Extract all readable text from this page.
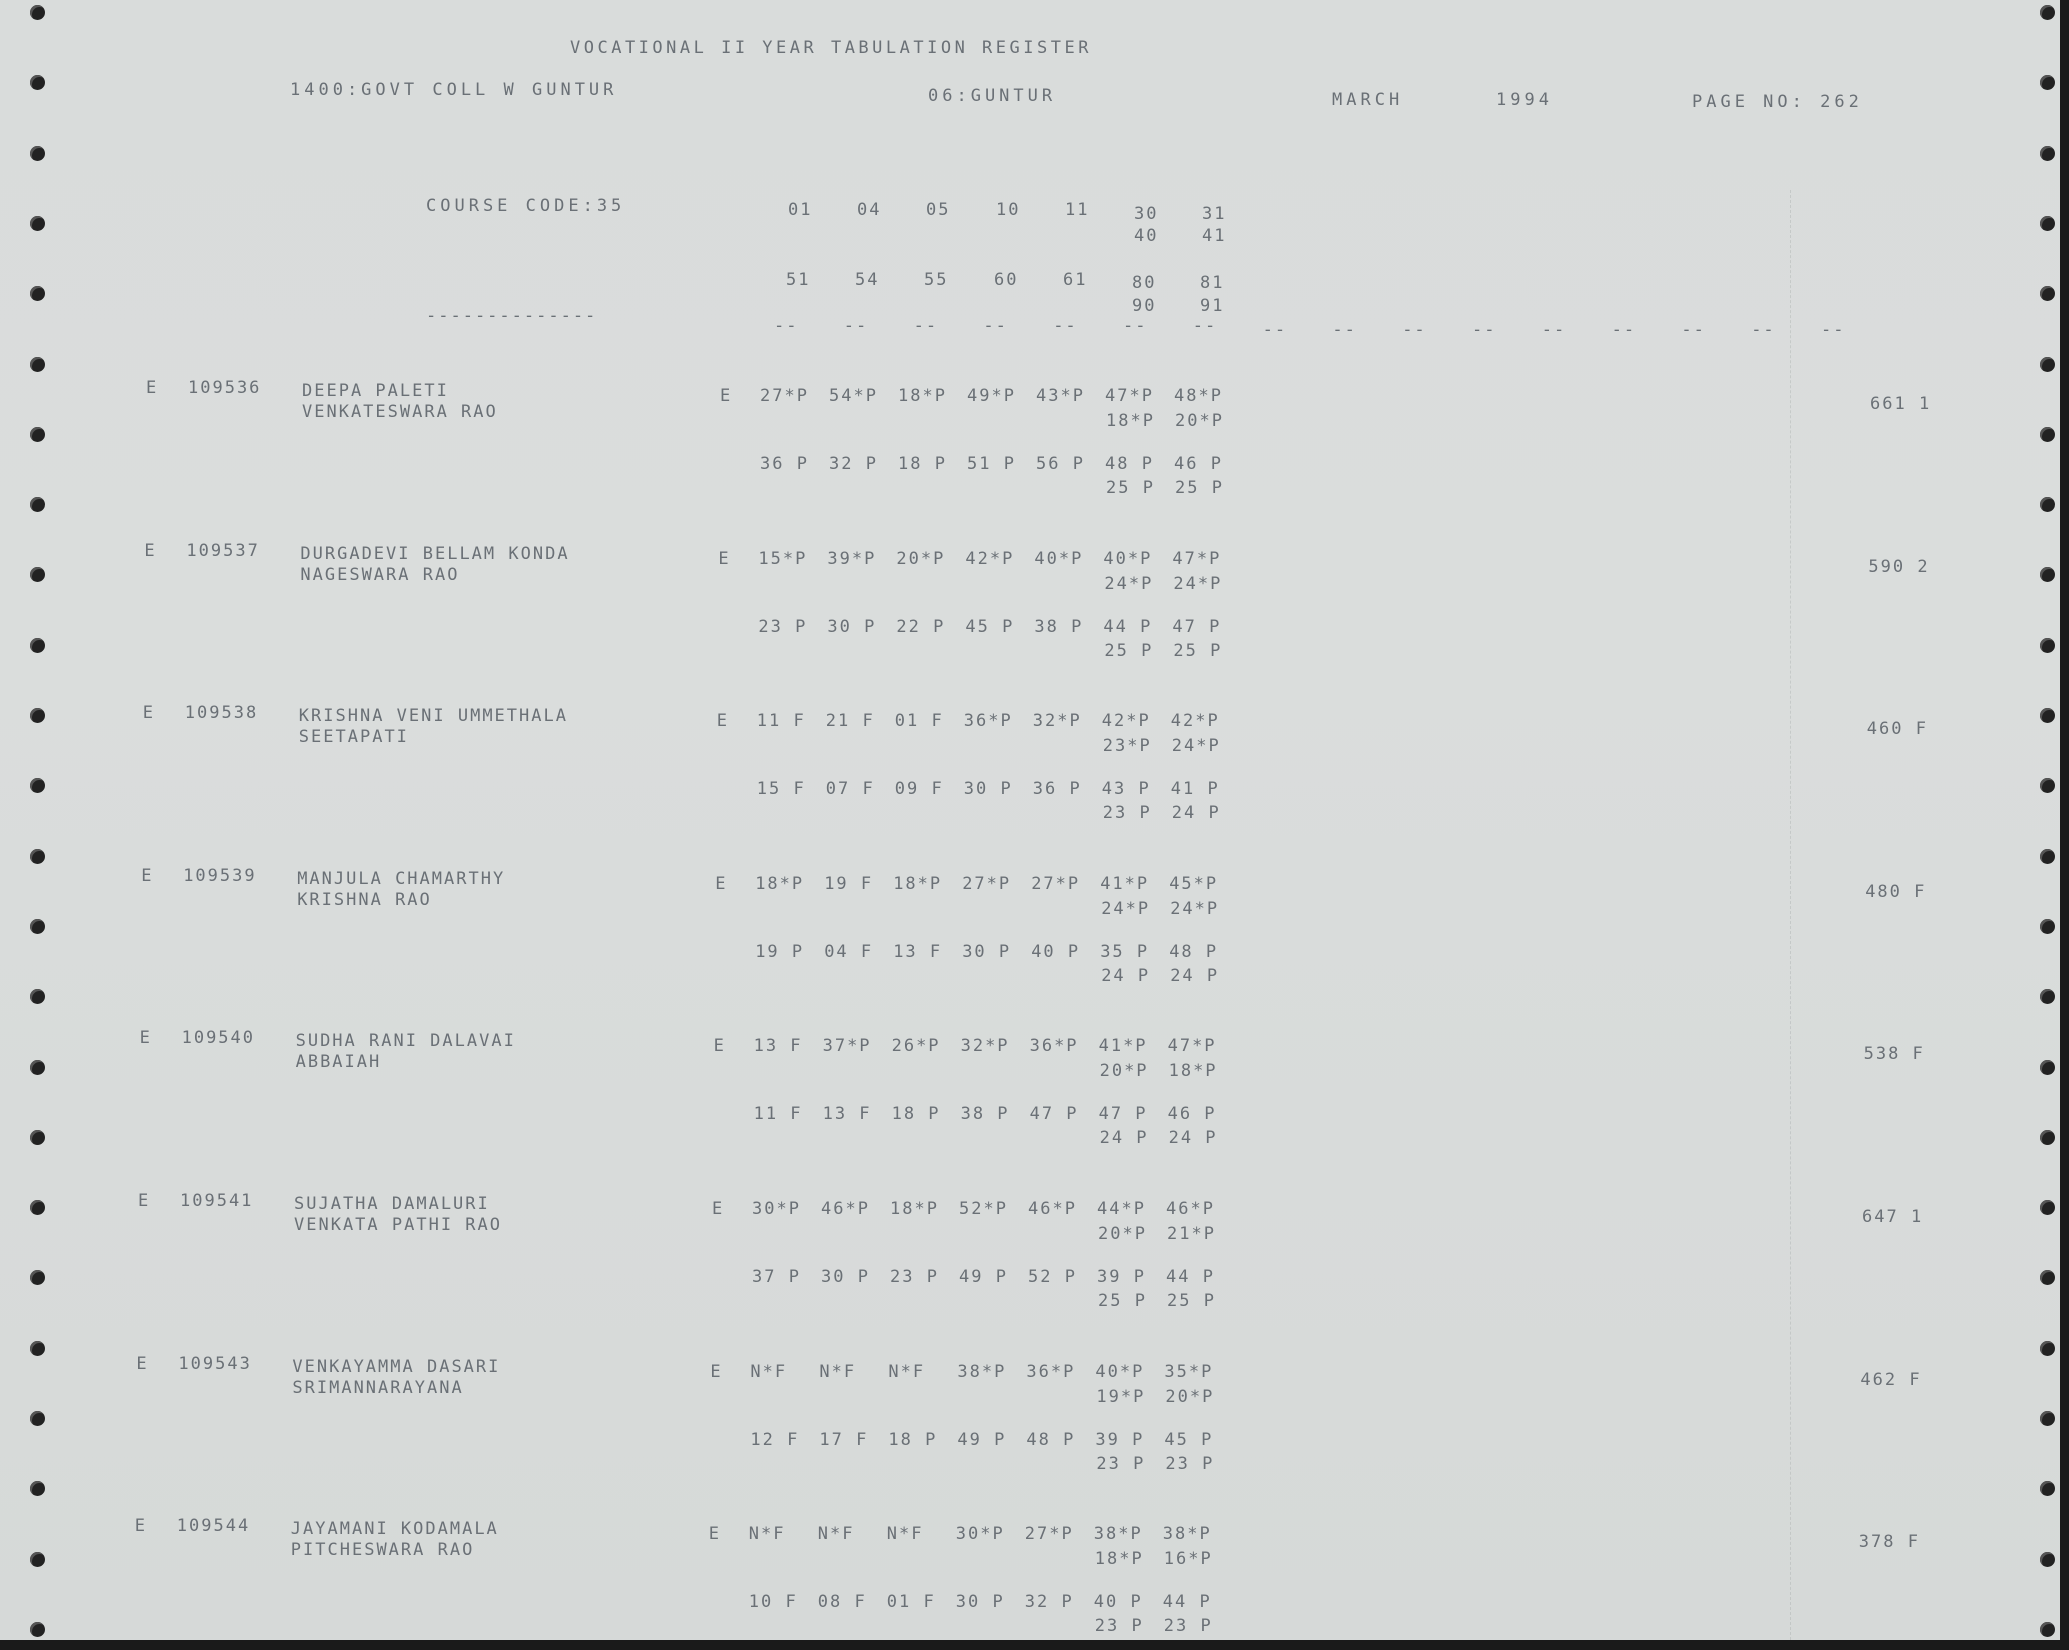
VOCATIONAL II YEAR TABULATION REGISTER
1400:GOVT COLL W GUNTUR	06:GUNTUR	MARCH	1994	PAGE NO: 262
COURSE CODE:35
--------------
01	04	05	10	11	30	31
40	41
51	54	55	60	61	80	81
90	91
--	--	--	--	--	--	--	--	--	--	--	--	--	--	--	--
E 109536 DEEPA PALETI
VENKATESWARA RAO
E 27*P 54*P 18*P 49*P 43*P 47*P 48*P
18*P 20*P
36 P 32 P 18 P 51 P 56 P 48 P 46 P
25 P 25 P
661 1
E 109537 DURGADEVI BELLAM KONDA
NAGESWARA RAO
E 15*P 39*P 20*P 42*P 40*P 40*P 47*P
24*P 24*P
23 P 30 P 22 P 45 P 38 P 44 P 47 P
25 P 25 P
590 2
E 109538 KRISHNA VENI UMMETHALA
SEETAPATI
E 11 F 21 F 01 F 36*P 32*P 42*P 42*P
23*P 24*P
15 F 07 F 09 F 30 P 36 P 43 P 41 P
23 P 24 P
460 F
E 109539 MANJULA CHAMARTHY
KRISHNA RAO
E 18*P 19 F 18*P 27*P 27*P 41*P 45*P
24*P 24*P
19 P 04 F 13 F 30 P 40 P 35 P 48 P
24 P 24 P
480 F
E 109540 SUDHA RANI DALAVAI
ABBAIAH
E 13 F 37*P 26*P 32*P 36*P 41*P 47*P
20*P 18*P
11 F 13 F 18 P 38 P 47 P 47 P 46 P
24 P 24 P
538 F
E 109541 SUJATHA DAMALURI
VENKATA PATHI RAO
E 30*P 46*P 18*P 52*P 46*P 44*P 46*P
20*P 21*P
37 P 30 P 23 P 49 P 52 P 39 P 44 P
25 P 25 P
647 1
E 109543 VENKAYAMMA DASARI
SRIMANNARAYANA
E N*F N*F N*F 38*P 36*P 40*P 35*P
19*P 20*P
12 F 17 F 18 P 49 P 48 P 39 P 45 P
23 P 23 P
462 F
E 109544 JAYAMANI KODAMALA
PITCHESWARA RAO
E N*F N*F N*F 30*P 27*P 38*P 38*P
18*P 16*P
10 F 08 F 01 F 30 P 32 P 40 P 44 P
23 P 23 P
378 F
